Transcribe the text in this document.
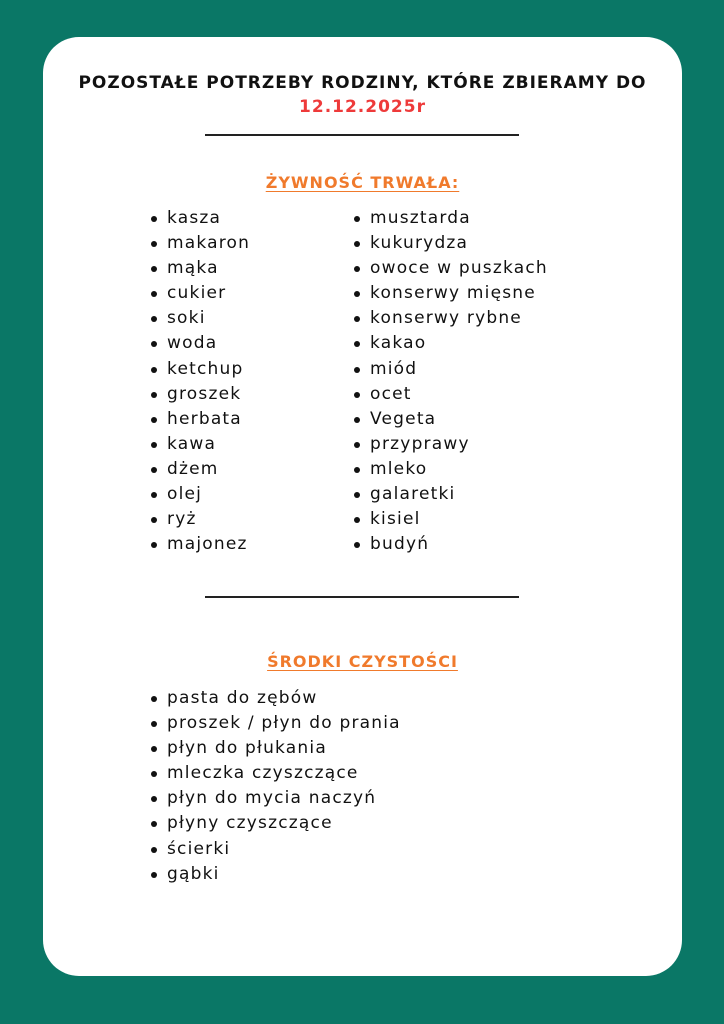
POZOSTAŁE POTRZEBY RODZINY, KTÓRE ZBIERAMY DO
12.12.2025r
ŻYWNOŚĆ TRWAŁA:
kasza
makaron
mąka
cukier
soki
woda
ketchup
groszek
herbata
kawa
dżem
olej
ryż
majonez
musztarda
kukurydza
owoce w puszkach
konserwy mięsne
konserwy rybne
kakao
miód
ocet
Vegeta
przyprawy
mleko
galaretki
kisiel
budyń
ŚRODKI CZYSTOŚCI
pasta do zębów
proszek / płyn do prania
płyn do płukania
mleczka czyszczące
płyn do mycia naczyń
płyny czyszczące
ścierki
gąbki
